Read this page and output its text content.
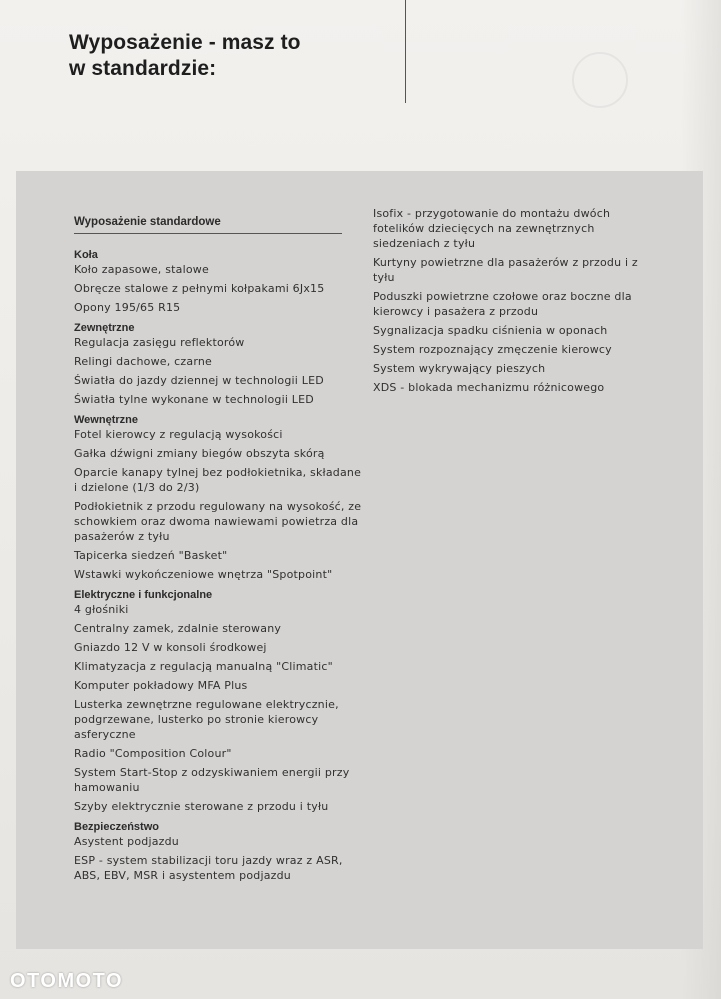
Wyposażenie - masz to
w standardzie:
Wyposażenie standardowe
Koła
Koło zapasowe, stalowe
Obręcze stalowe z pełnymi kołpakami 6Jx15
Opony 195/65 R15
Zewnętrzne
Regulacja zasięgu reflektorów
Relingi dachowe, czarne
Światła do jazdy dziennej w technologii LED
Światła tylne wykonane w technologii LED
Wewnętrzne
Fotel kierowcy z regulacją wysokości
Gałka dźwigni zmiany biegów obszyta skórą
Oparcie kanapy tylnej bez podłokietnika, składane i dzielone (1/3 do 2/3)
Podłokietnik z przodu regulowany na wysokość, ze schowkiem oraz dwoma nawiewami powietrza dla pasażerów z tyłu
Tapicerka siedzeń "Basket"
Wstawki wykończeniowe wnętrza "Spotpoint"
Elektryczne i funkcjonalne
4 głośniki
Centralny zamek, zdalnie sterowany
Gniazdo 12 V w konsoli środkowej
Klimatyzacja z regulacją manualną "Climatic"
Komputer pokładowy MFA Plus
Lusterka zewnętrzne regulowane elektrycznie, podgrzewane, lusterko po stronie kierowcy asferyczne
Radio "Composition Colour"
System Start-Stop z odzyskiwaniem energii przy hamowaniu
Szyby elektrycznie sterowane z przodu i tyłu
Bezpieczeństwo
Asystent podjazdu
ESP - system stabilizacji toru jazdy wraz z ASR, ABS, EBV, MSR i asystentem podjazdu
Isofix - przygotowanie do montażu dwóch fotelików dziecięcych na zewnętrznych siedzeniach z tyłu
Kurtyny powietrzne dla pasażerów z przodu i z tyłu
Poduszki powietrzne czołowe oraz boczne dla kierowcy i pasażera z przodu
Sygnalizacja spadku ciśnienia w oponach
System rozpoznający zmęczenie kierowcy
System wykrywający pieszych
XDS - blokada mechanizmu różnicowego
OTOMOTO
